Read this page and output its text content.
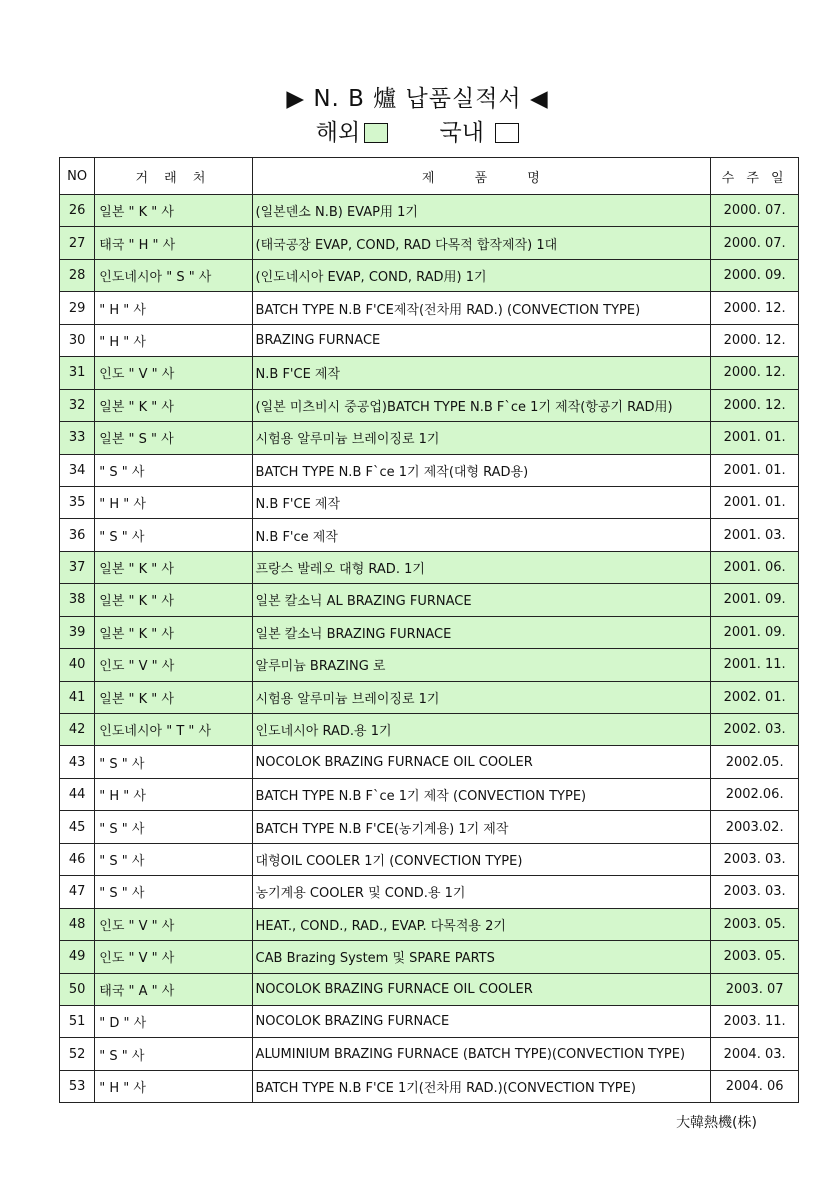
▶ N. B 爐 납품실적서 ◀
해외	국내
NO	거 래 처	제 품 명	수 주 일
26	일본 " K " 사	(일본덴소 N.B) EVAP用 1기	2000. 07.
27	태국 " H " 사	(태국공장 EVAP, COND, RAD 다목적 합작제작) 1대	2000. 07.
28	인도네시아 " S " 사	(인도네시아 EVAP, COND, RAD用) 1기	2000. 09.
29	" H " 사	BATCH TYPE N.B F'CE제작(전차用 RAD.) (CONVECTION TYPE)	2000. 12.
30	" H " 사	BRAZING FURNACE	2000. 12.
31	인도 " V " 사	N.B F'CE 제작	2000. 12.
32	일본 " K " 사	(일본 미츠비시 중공업)BATCH TYPE N.B F`ce 1기 제작(항공기 RAD用)	2000. 12.
33	일본 " S " 사	시험용 알루미늄 브레이징로 1기	2001. 01.
34	" S " 사	BATCH TYPE N.B F`ce 1기 제작(대형 RAD용)	2001. 01.
35	" H " 사	N.B F'CE 제작	2001. 01.
36	" S " 사	N.B F'ce 제작	2001. 03.
37	일본 " K " 사	프랑스 발레오 대형 RAD. 1기	2001. 06.
38	일본 " K " 사	일본 칼소닉 AL BRAZING FURNACE	2001. 09.
39	일본 " K " 사	일본 칼소닉 BRAZING FURNACE	2001. 09.
40	인도 " V " 사	알루미늄 BRAZING 로	2001. 11.
41	일본 " K " 사	시험용 알루미늄 브레이징로 1기	2002. 01.
42	인도네시아 " T " 사	인도네시아 RAD.용 1기	2002. 03.
43	" S " 사	NOCOLOK BRAZING FURNACE OIL COOLER	2002.05.
44	" H " 사	BATCH TYPE N.B F`ce 1기 제작 (CONVECTION TYPE)	2002.06.
45	" S " 사	BATCH TYPE N.B F'CE(농기계용) 1기 제작	2003.02.
46	" S " 사	대형OIL COOLER 1기 (CONVECTION TYPE)	2003. 03.
47	" S " 사	농기계용 COOLER 및 COND.용 1기	2003. 03.
48	인도 " V " 사	HEAT., COND., RAD., EVAP. 다목적용 2기	2003. 05.
49	인도 " V " 사	CAB Brazing System 및 SPARE PARTS	2003. 05.
50	태국 " A " 사	NOCOLOK BRAZING FURNACE OIL COOLER	2003. 07
51	" D " 사	NOCOLOK BRAZING FURNACE	2003. 11.
52	" S " 사	ALUMINIUM BRAZING FURNACE (BATCH TYPE)(CONVECTION TYPE)	2004. 03.
53	" H " 사	BATCH TYPE N.B F'CE 1기(전차用 RAD.)(CONVECTION TYPE)	2004. 06
大韓熱機(株)
